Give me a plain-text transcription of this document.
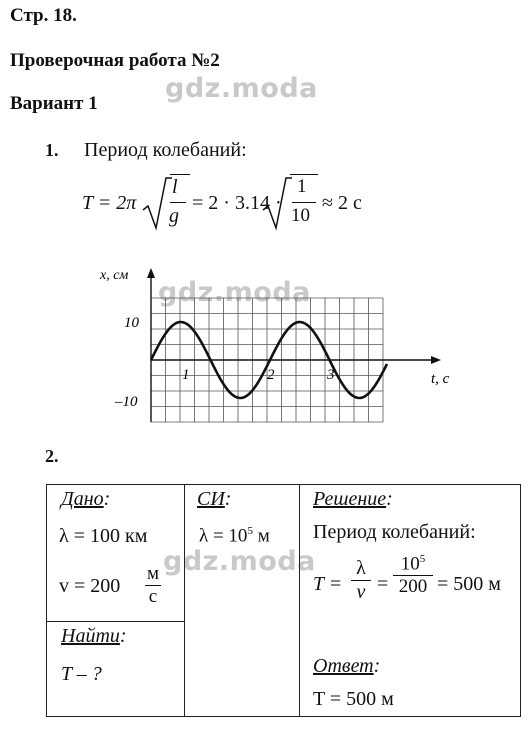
Стр. 18.
Проверочная работа №2
Вариант 1 gdz.moda
gdz.moda
gdz.moda
1. Период колебаний:
T = 2π
l
g
= 2 · 3.14 ·
1
10
≈ 2 с
x, см
10
–10
1	2	3	t, с
2.
Дано:
λ = 100 км
v = 200
м
с
Найти:
T – ?
СИ:
$\lambda = 10^5$ м
Решение:
Период колебаний:
$T = \frac{\lambda}{v} = \frac{10^5}{200} = 500$ м
Ответ:
T = 500 м
